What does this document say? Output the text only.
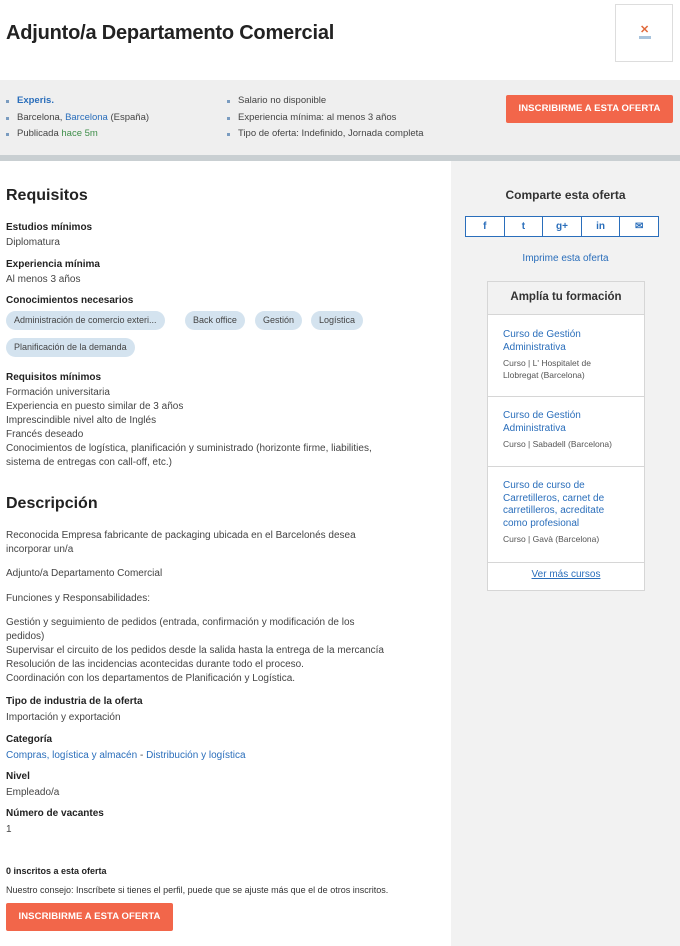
Adjunto/a Departamento Comercial	✕
Experis.
Barcelona, Barcelona (España)
Publicada hace 5m
Salario no disponible
Experiencia mínima: al menos 3 años
Tipo de oferta: Indefinido, Jornada completa
INSCRIBIRME A ESTA OFERTA
Requisitos
Estudios mínimos
Diplomatura
Experiencia mínima
Al menos 3 años
Conocimientos necesarios
Administración de comercio exteri...	Back office	Gestión	Logística
Planificación de la demanda
Requisitos mínimos
Formación universitaria
Experiencia en puesto similar de 3 años
Imprescindible nivel alto de Inglés
Francés deseado
Conocimientos de logística, planificación y suministrado (horizonte firme, liabilities,
sistema de entregas con call-off, etc.)
Descripción
Reconocida Empresa fabricante de packaging ubicada en el Barcelonés desea
incorporar un/a
Adjunto/a Departamento Comercial
Funciones y Responsabilidades:
Gestión y seguimiento de pedidos (entrada, confirmación y modificación de los
pedidos)
Supervisar el circuito de los pedidos desde la salida hasta la entrega de la mercancía
Resolución de las incidencias acontecidas durante todo el proceso.
Coordinación con los departamentos de Planificación y Logística.
Tipo de industria de la oferta
Importación y exportación
Categoría
Compras, logística y almacén - Distribución y logística
Nivel
Empleado/a
Número de vacantes
1
0 inscritos a esta oferta
Nuestro consejo: Inscríbete si tienes el perfil, puede que se ajuste más que el de otros inscritos.
INSCRIBIRME A ESTA OFERTA
Comparte esta oferta
f	t	g+	in	✉
Imprime esta oferta
Amplía tu formación
Curso de Gestión
Administrativa
Curso | L' Hospitalet de
Llobregat (Barcelona)
Curso de Gestión
Administrativa
Curso | Sabadell (Barcelona)
Curso de curso de
Carretilleros, carnet de
carretilleros, acreditate
como profesional
Curso | Gavà (Barcelona)
Ver más cursos
